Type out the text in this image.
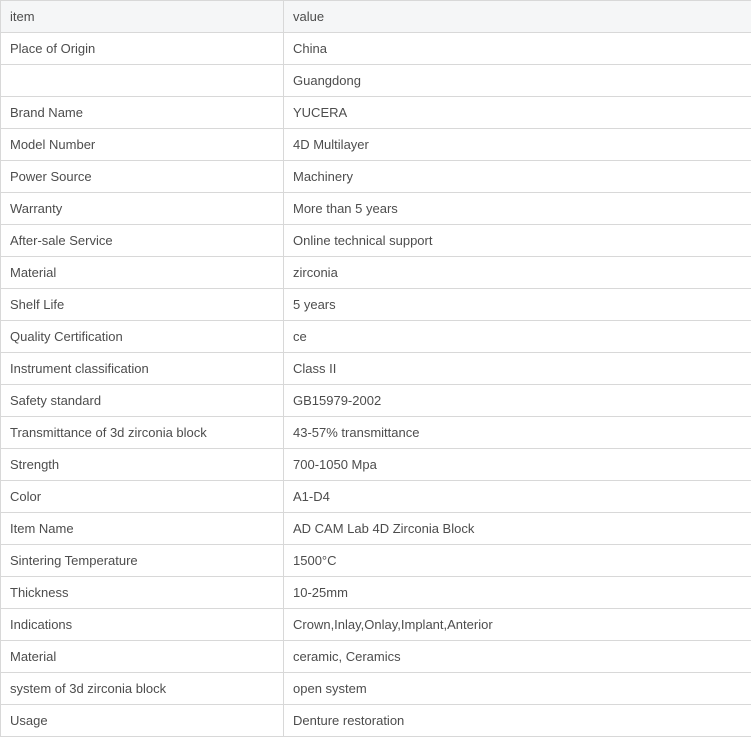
item	value
Place of Origin	China
	Guangdong
Brand Name	YUCERA
Model Number	4D Multilayer
Power Source	Machinery
Warranty	More than 5 years
After-sale Service	Online technical support
Material	zirconia
Shelf Life	5 years
Quality Certification	ce
Instrument classification	Class II
Safety standard	GB15979-2002
Transmittance of 3d zirconia block	43-57% transmittance
Strength	700-1050 Mpa
Color	A1-D4
Item Name	AD CAM Lab 4D Zirconia Block
Sintering Temperature	1500°C
Thickness	10-25mm
Indications	Crown,Inlay,Onlay,Implant,Anterior
Material	ceramic, Ceramics
system of 3d zirconia block	open system
Usage	Denture restoration
